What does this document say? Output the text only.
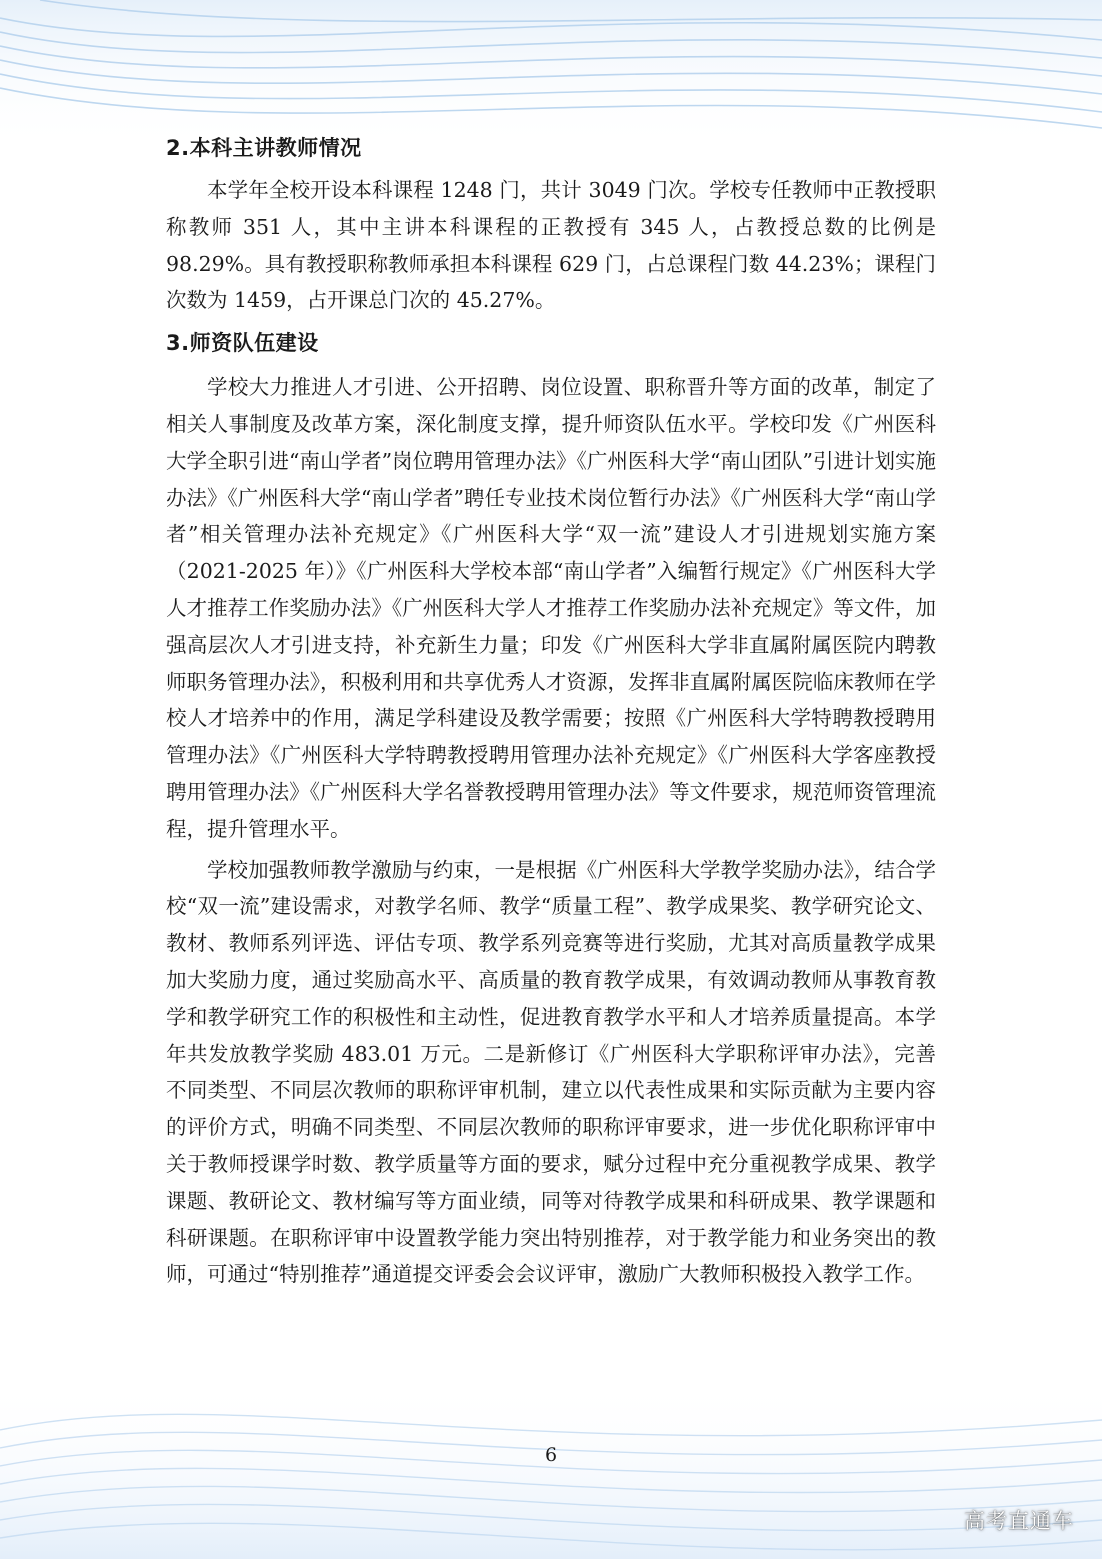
2.本科主讲教师情况

本学年全校开设本科课程 1248 门，共计 3049 门次。学校专任教师中正教授职称教师 351 人，其中主讲本科课程的正教授有 345 人，占教授总数的比例是 98.29%。具有教授职称教师承担本科课程 629 门，占总课程门数 44.23%；课程门次数为 1459，占开课总门次的 45.27%。

3.师资队伍建设

学校大力推进人才引进、公开招聘、岗位设置、职称晋升等方面的改革，制定了相关人事制度及改革方案，深化制度支撑，提升师资队伍水平。学校印发《广州医科大学全职引进“南山学者”岗位聘用管理办法》《广州医科大学“南山团队”引进计划实施办法》《广州医科大学“南山学者”聘任专业技术岗位暂行办法》《广州医科大学“南山学者”相关管理办法补充规定》《广州医科大学“双一流”建设人才引进规划实施方案（2021-2025 年）》《广州医科大学校本部“南山学者”入编暂行规定》《广州医科大学人才推荐工作奖励办法》《广州医科大学人才推荐工作奖励办法补充规定》等文件，加强高层次人才引进支持，补充新生力量；印发《广州医科大学非直属附属医院内聘教师职务管理办法》，积极利用和共享优秀人才资源，发挥非直属附属医院临床教师在学校人才培养中的作用，满足学科建设及教学需要；按照《广州医科大学特聘教授聘用管理办法》《广州医科大学特聘教授聘用管理办法补充规定》《广州医科大学客座教授聘用管理办法》《广州医科大学名誉教授聘用管理办法》等文件要求，规范师资管理流程，提升管理水平。

学校加强教师教学激励与约束，一是根据《广州医科大学教学奖励办法》，结合学校“双一流”建设需求，对教学名师、教学“质量工程”、教学成果奖、教学研究论文、教材、教师系列评选、评估专项、教学系列竞赛等进行奖励，尤其对高质量教学成果加大奖励力度，通过奖励高水平、高质量的教育教学成果，有效调动教师从事教育教学和教学研究工作的积极性和主动性，促进教育教学水平和人才培养质量提高。本学年共发放教学奖励 483.01 万元。二是新修订《广州医科大学职称评审办法》，完善不同类型、不同层次教师的职称评审机制，建立以代表性成果和实际贡献为主要内容的评价方式，明确不同类型、不同层次教师的职称评审要求，进一步优化职称评审中关于教师授课学时数、教学质量等方面的要求，赋分过程中充分重视教学成果、教学课题、教研论文、教材编写等方面业绩，同等对待教学成果和科研成果、教学课题和科研课题。在职称评审中设置教学能力突出特别推荐，对于教学能力和业务突出的教师，可通过“特别推荐”通道提交评委会会议评审，激励广大教师积极投入教学工作。

6
高考直通车
